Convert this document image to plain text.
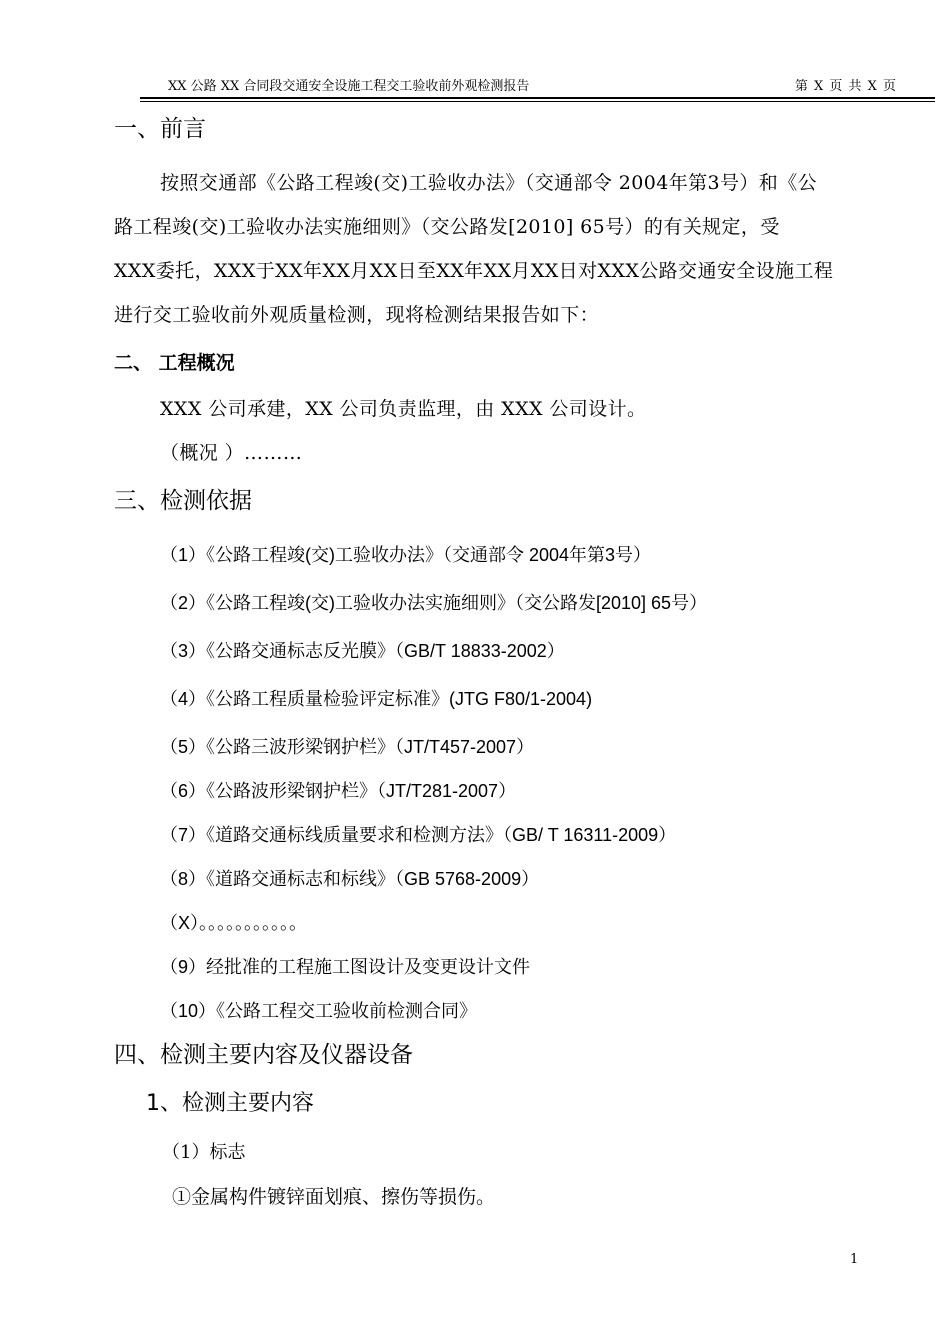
XX 公路 XX 合同段交通安全设施工程交工验收前外观检测报告	第 X 页 共 X 页
一、前言
按照交通部《公路工程竣(交)工验收办法》（交通部令 2004年第3号）和《公
路工程竣(交)工验收办法实施细则》（交公路发[2010] 65号）的有关规定，受
XXX委托，XXX于XX年XX月XX日至XX年XX月XX日对XXX公路交通安全设施工程
进行交工验收前外观质量检测，现将检测结果报告如下：
二、 工程概况
XXX 公司承建，XX 公司负责监理，由 XXX 公司设计。
（概况 ）………
三、检测依据
（1）《公路工程竣(交)工验收办法》（交通部令 2004年第3号）
（2）《公路工程竣(交)工验收办法实施细则》（交公路发[2010] 65号）
（3）《公路交通标志反光膜》（GB/T 18833-2002）
（4）《公路工程质量检验评定标准》(JTG F80/1-2004)
（5）《公路三波形梁钢护栏》（JT/T457-2007）
（6）《公路波形梁钢护栏》（JT/T281-2007）
（7）《道路交通标线质量要求和检测方法》（GB/ T 16311-2009）
（8）《道路交通标志和标线》（GB 5768-2009）
（X）。。。。。。。。。。。
（9）经批准的工程施工图设计及变更设计文件
（10）《公路工程交工验收前检测合同》
四、检测主要内容及仪器设备
1、检测主要内容
（1）标志
①金属构件镀锌面划痕、擦伤等损伤。
1
